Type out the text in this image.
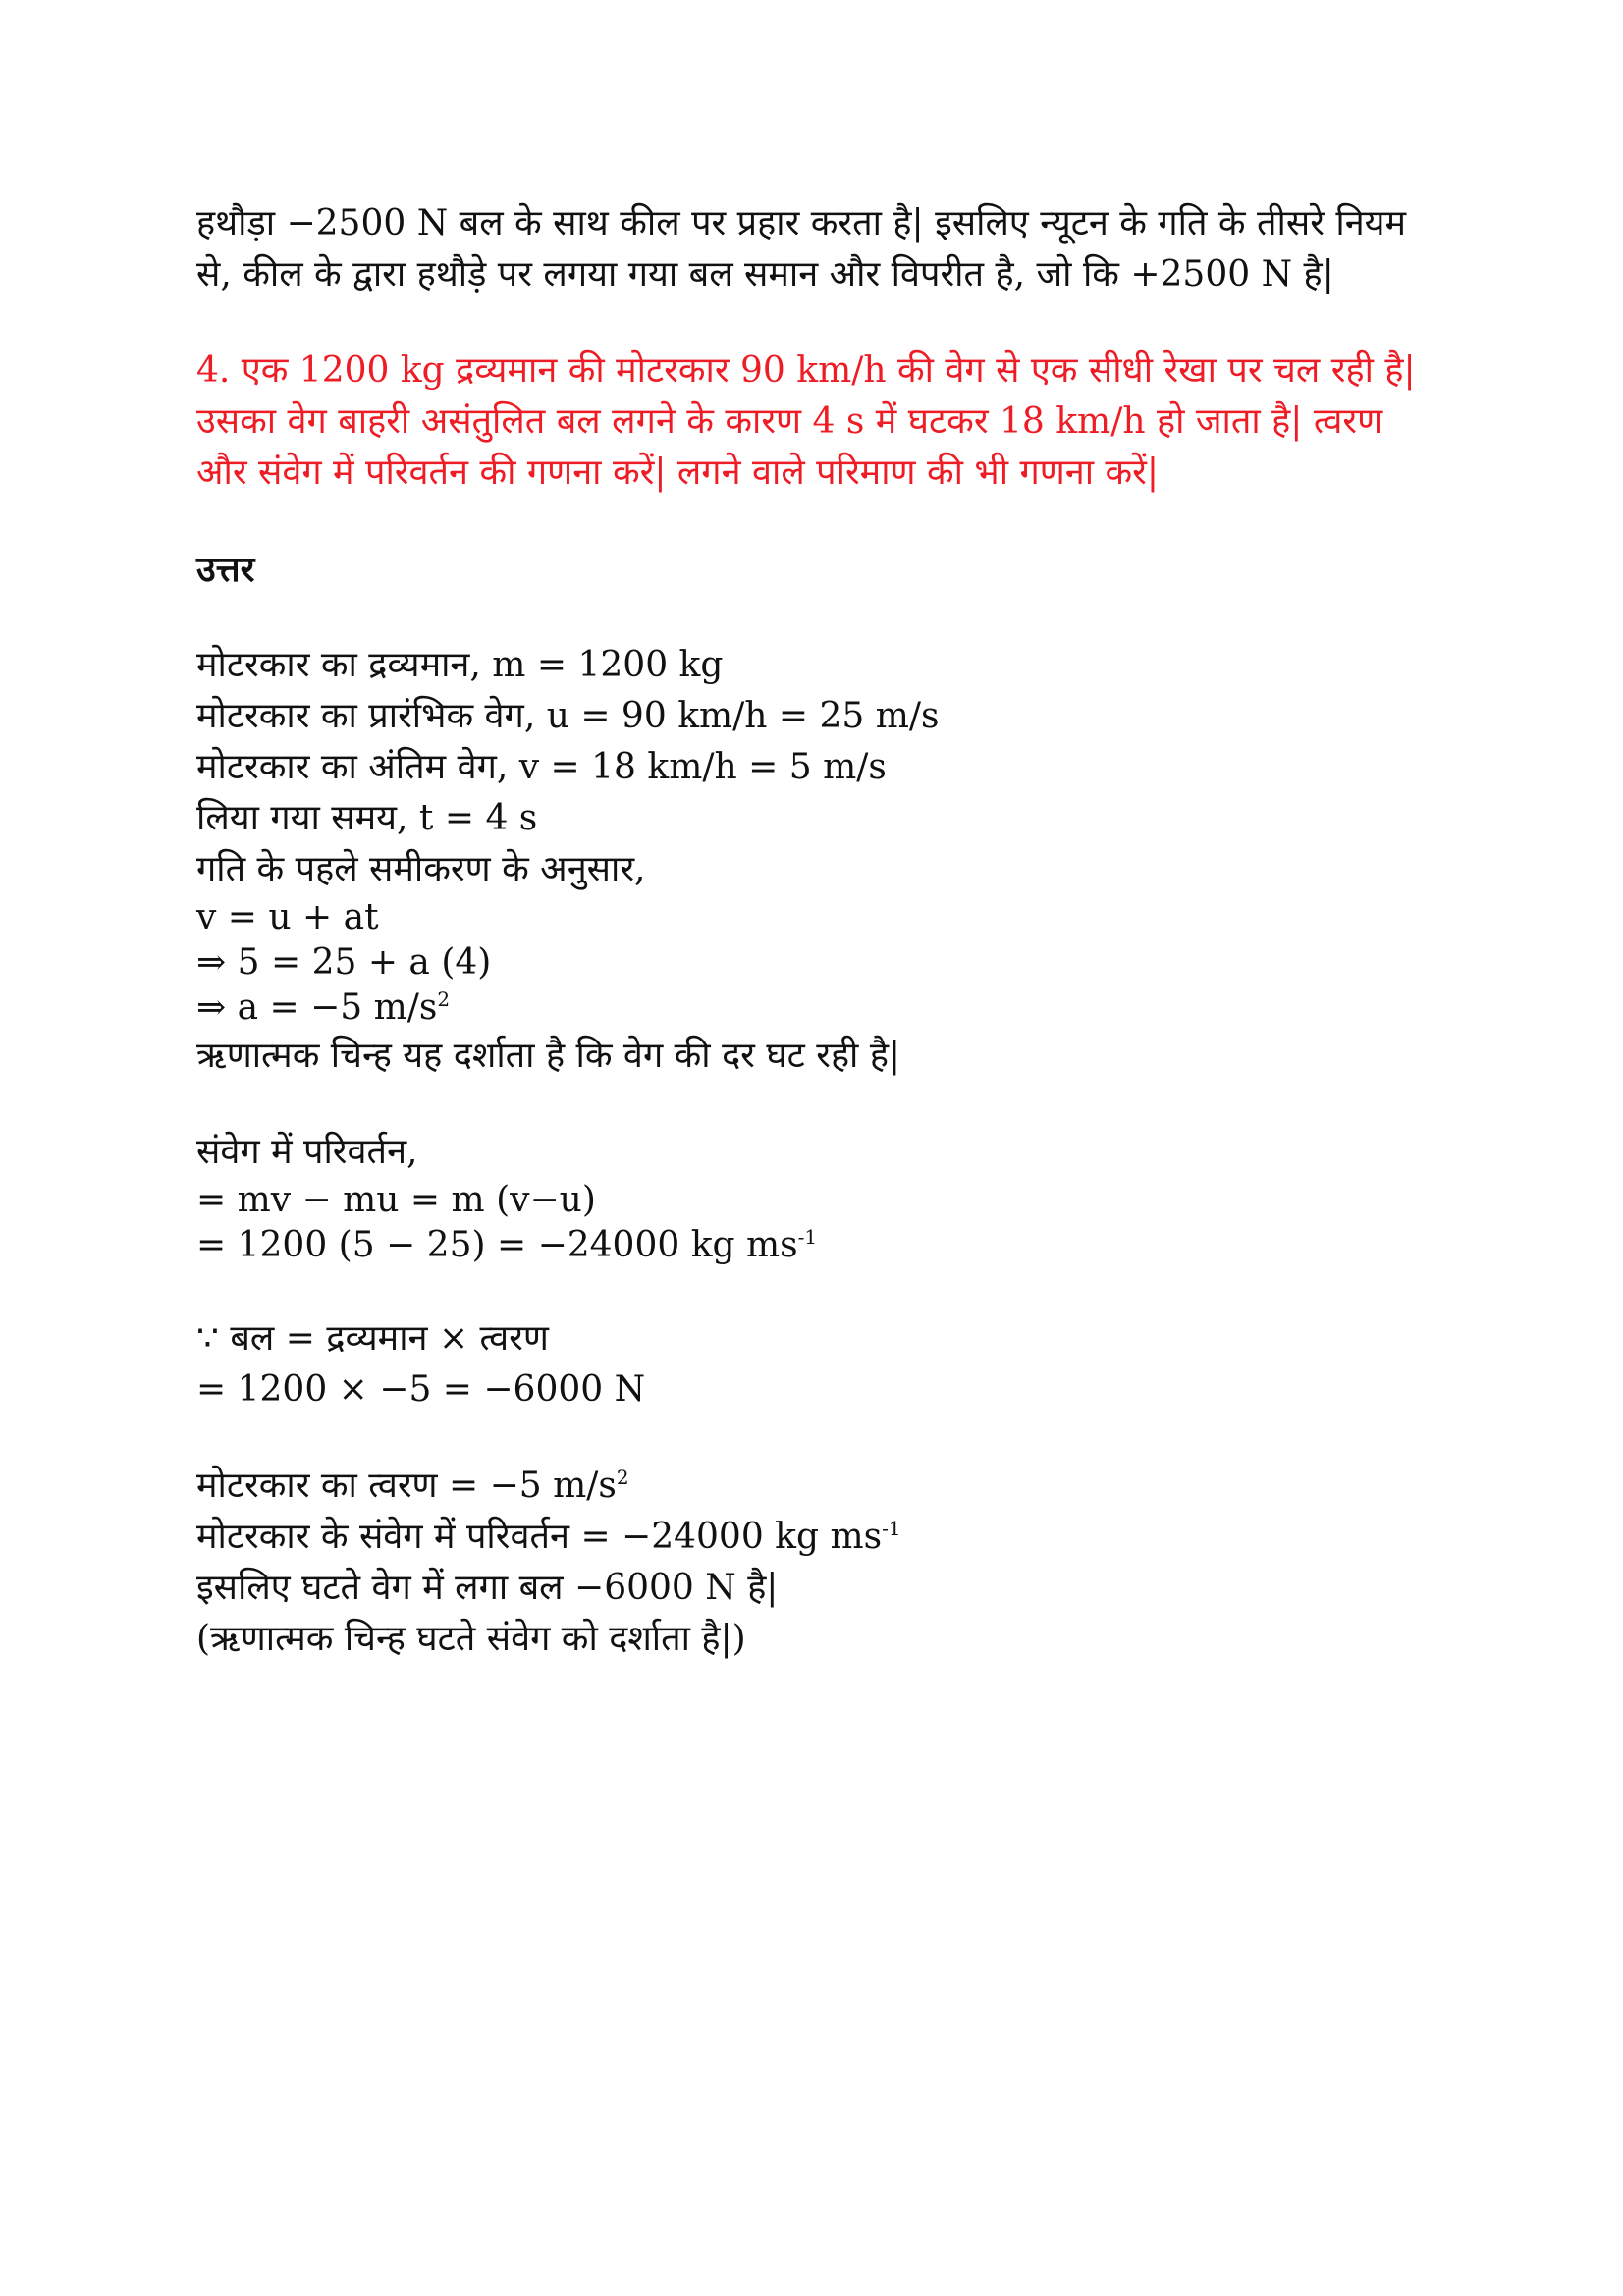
हथौड़ा −2500 N बल के साथ कील पर प्रहार करता है| इसलिए न्यूटन के गति के तीसरे नियम से, कील के द्वारा हथौड़े पर लगया गया बल समान और विपरीत है, जो कि +2500 N है|

4. एक 1200 kg द्रव्यमान की मोटरकार 90 km/h की वेग से एक सीधी रेखा पर चल रही है| उसका वेग बाहरी असंतुलित बल लगने के कारण 4 s में घटकर 18 km/h हो जाता है| त्वरण और संवेग में परिवर्तन की गणना करें| लगने वाले परिमाण की भी गणना करें|

उत्तर

मोटरकार का द्रव्यमान, m = 1200 kg

मोटरकार का प्रारंभिक वेग, u = 90 km/h = 25 m/s

मोटरकार का अंतिम वेग, v = 18 km/h = 5 m/s

लिया गया समय, t = 4 s

गति के पहले समीकरण के अनुसार,

v = u + at

⇒ 5 = 25 + a (4)

⇒ a = −5 $m/s^2$

ऋणात्मक चिन्ह यह दर्शाता है कि वेग की दर घट रही है|

संवेग में परिवर्तन,

= mv − mu = m (v−u)

= 1200 (5 − 25) = −24000 kg $ms^{-1}$

∵ बल = द्रव्यमान × त्वरण

= 1200 × −5 = −6000 N

मोटरकार का त्वरण = −5 $m/s^2$

मोटरकार के संवेग में परिवर्तन = −24000 kg $ms^{-1}$

इसलिए घटते वेग में लगा बल −6000 N है|

(ऋणात्मक चिन्ह घटते संवेग को दर्शाता है|)
